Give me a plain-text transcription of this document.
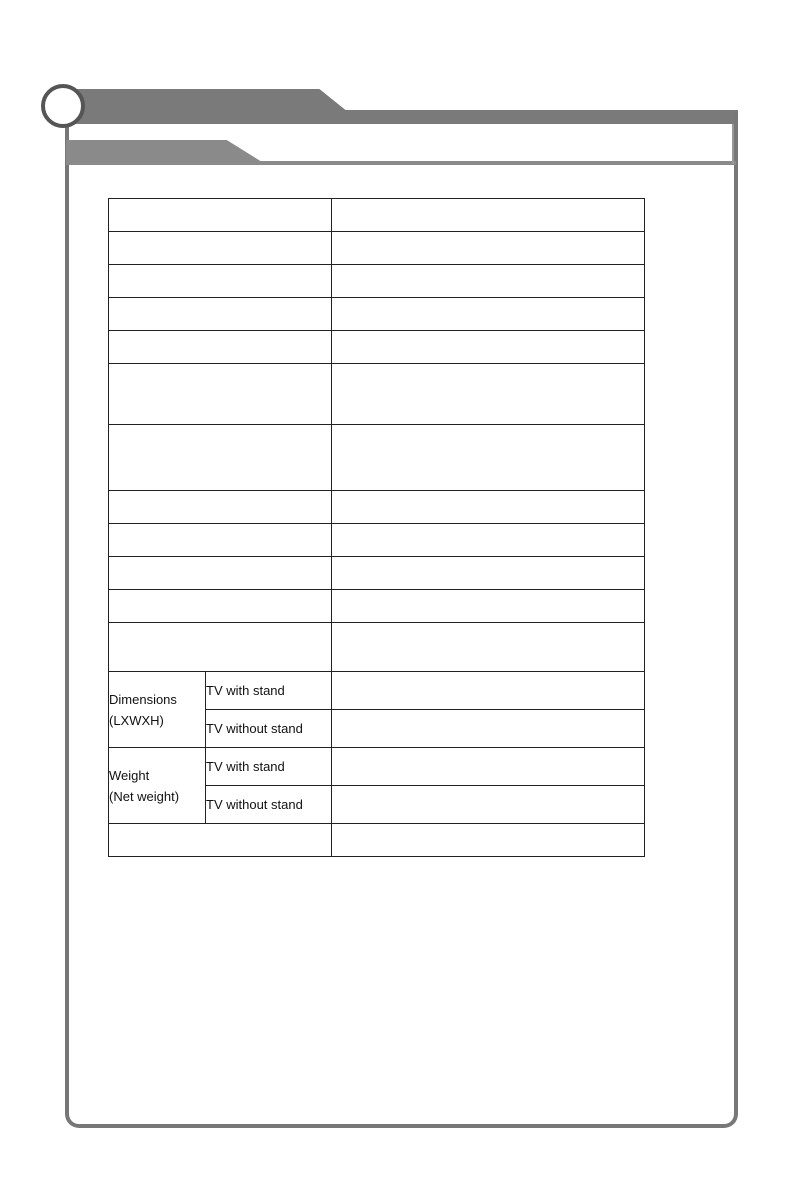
Dimensions
(LXWXH)	TV with stand	
	TV without stand	
Weight
(Net weight)	TV with stand	
	TV without stand	
